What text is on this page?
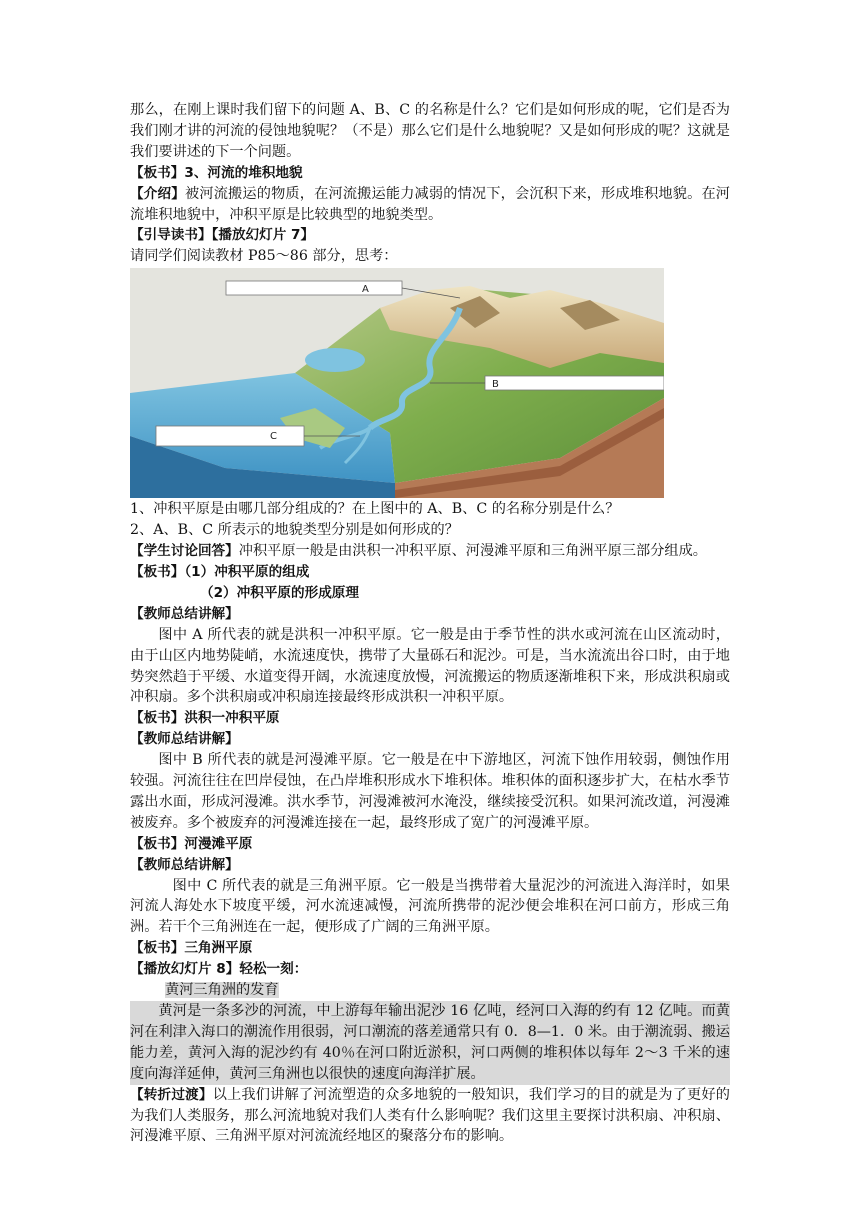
那么，在刚上课时我们留下的问题 A、B、C 的名称是什么？它们是如何形成的呢，它们是否为我们刚才讲的河流的侵蚀地貌呢？（不是）那么它们是什么地貌呢？又是如何形成的呢？这就是我们要讲述的下一个问题。

【板书】3、河流的堆积地貌

【介绍】被河流搬运的物质，在河流搬运能力减弱的情况下，会沉积下来，形成堆积地貌。在河流堆积地貌中，冲积平原是比较典型的地貌类型。

【引导读书】【播放幻灯片 7】

请同学们阅读教材 P85～86 部分，思考：

A
B
C

1、冲积平原是由哪几部分组成的？在上图中的 A、B、C 的名称分别是什么？

2、A、B、C 所表示的地貌类型分别是如何形成的？

【学生讨论回答】冲积平原一般是由洪积一冲积平原、河漫滩平原和三角洲平原三部分组成。

【板书】（1）冲积平原的组成

（2）冲积平原的形成原理

【教师总结讲解】

图中 A 所代表的就是洪积一冲积平原。它一般是由于季节性的洪水或河流在山区流动时，由于山区内地势陡峭，水流速度快，携带了大量砾石和泥沙。可是，当水流流出谷口时，由于地势突然趋于平缓、水道变得开阔，水流速度放慢，河流搬运的物质逐渐堆积下来，形成洪积扇或冲积扇。多个洪积扇或冲积扇连接最终形成洪积一冲积平原。

【板书】洪积一冲积平原

【教师总结讲解】

图中 B 所代表的就是河漫滩平原。它一般是在中下游地区，河流下蚀作用较弱，侧蚀作用较强。河流往往在凹岸侵蚀，在凸岸堆积形成水下堆积体。堆积体的面积逐步扩大，在枯水季节露出水面，形成河漫滩。洪水季节，河漫滩被河水淹没，继续接受沉积。如果河流改道，河漫滩被废弃。多个被废弃的河漫滩连接在一起，最终形成了宽广的河漫滩平原。

【板书】河漫滩平原

【教师总结讲解】

图中 C 所代表的就是三角洲平原。它一般是当携带着大量泥沙的河流进入海洋时，如果河流人海处水下坡度平缓，河水流速减慢，河流所携带的泥沙便会堆积在河口前方，形成三角洲。若干个三角洲连在一起，便形成了广阔的三角洲平原。

【板书】三角洲平原

【播放幻灯片 8】轻松一刻：

黄河三角洲的发育

黄河是一条多沙的河流，中上游每年输出泥沙 16 亿吨，经河口入海的约有 12 亿吨。而黄河在利津入海口的潮流作用很弱，河口潮流的落差通常只有 0．8—1．0 米。由于潮流弱、搬运能力差，黄河入海的泥沙约有 40％在河口附近淤积，河口两侧的堆积体以每年 2～3 千米的速度向海洋延伸，黄河三角洲也以很快的速度向海洋扩展。

【转折过渡】以上我们讲解了河流塑造的众多地貌的一般知识，我们学习的目的就是为了更好的为我们人类服务，那么河流地貌对我们人类有什么影响呢？我们这里主要探讨洪积扇、冲积扇、河漫滩平原、三角洲平原对河流流经地区的聚落分布的影响。
